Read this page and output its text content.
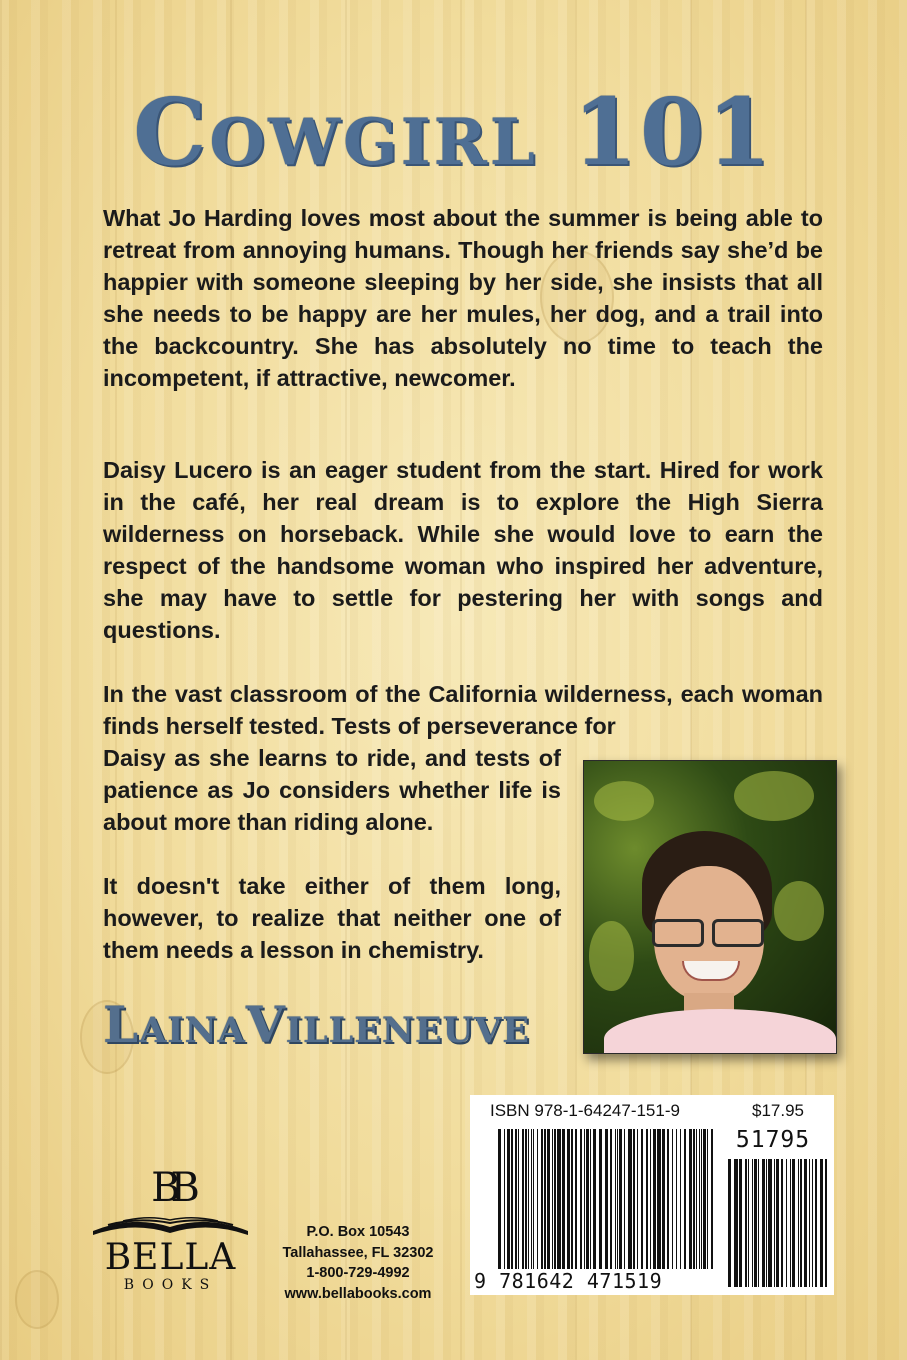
Cowgirl 101

What Jo Harding loves most about the summer is being able to retreat from annoying humans. Though her friends say she’d be happier with someone sleeping by her side, she insists that all she needs to be happy are her mules, her dog, and a trail into the backcountry. She has absolutely no time to teach the incompetent, if attractive, newcomer.

Daisy Lucero is an eager student from the start. Hired for work in the café, her real dream is to explore the High Sierra wilderness on horseback. While she would love to earn the respect of the handsome woman who inspired her adventure, she may have to settle for pestering her with songs and questions.

In the vast classroom of the California wilderness, each woman finds herself tested. Tests of perseverance for

Daisy as she learns to ride, and tests of patience as Jo considers whether life is about more than riding alone.

It doesn't take either of them long, however, to realize that neither one of them needs a lesson in chemistry.

LainaVilleneuve
ISBN 978-1-64247-151-9	$17.95
51795
9 781642 471519
BB
BELLA
BOOKS
P.O. Box 10543
Tallahassee, FL 32302
1-800-729-4992
www.bellabooks.com
